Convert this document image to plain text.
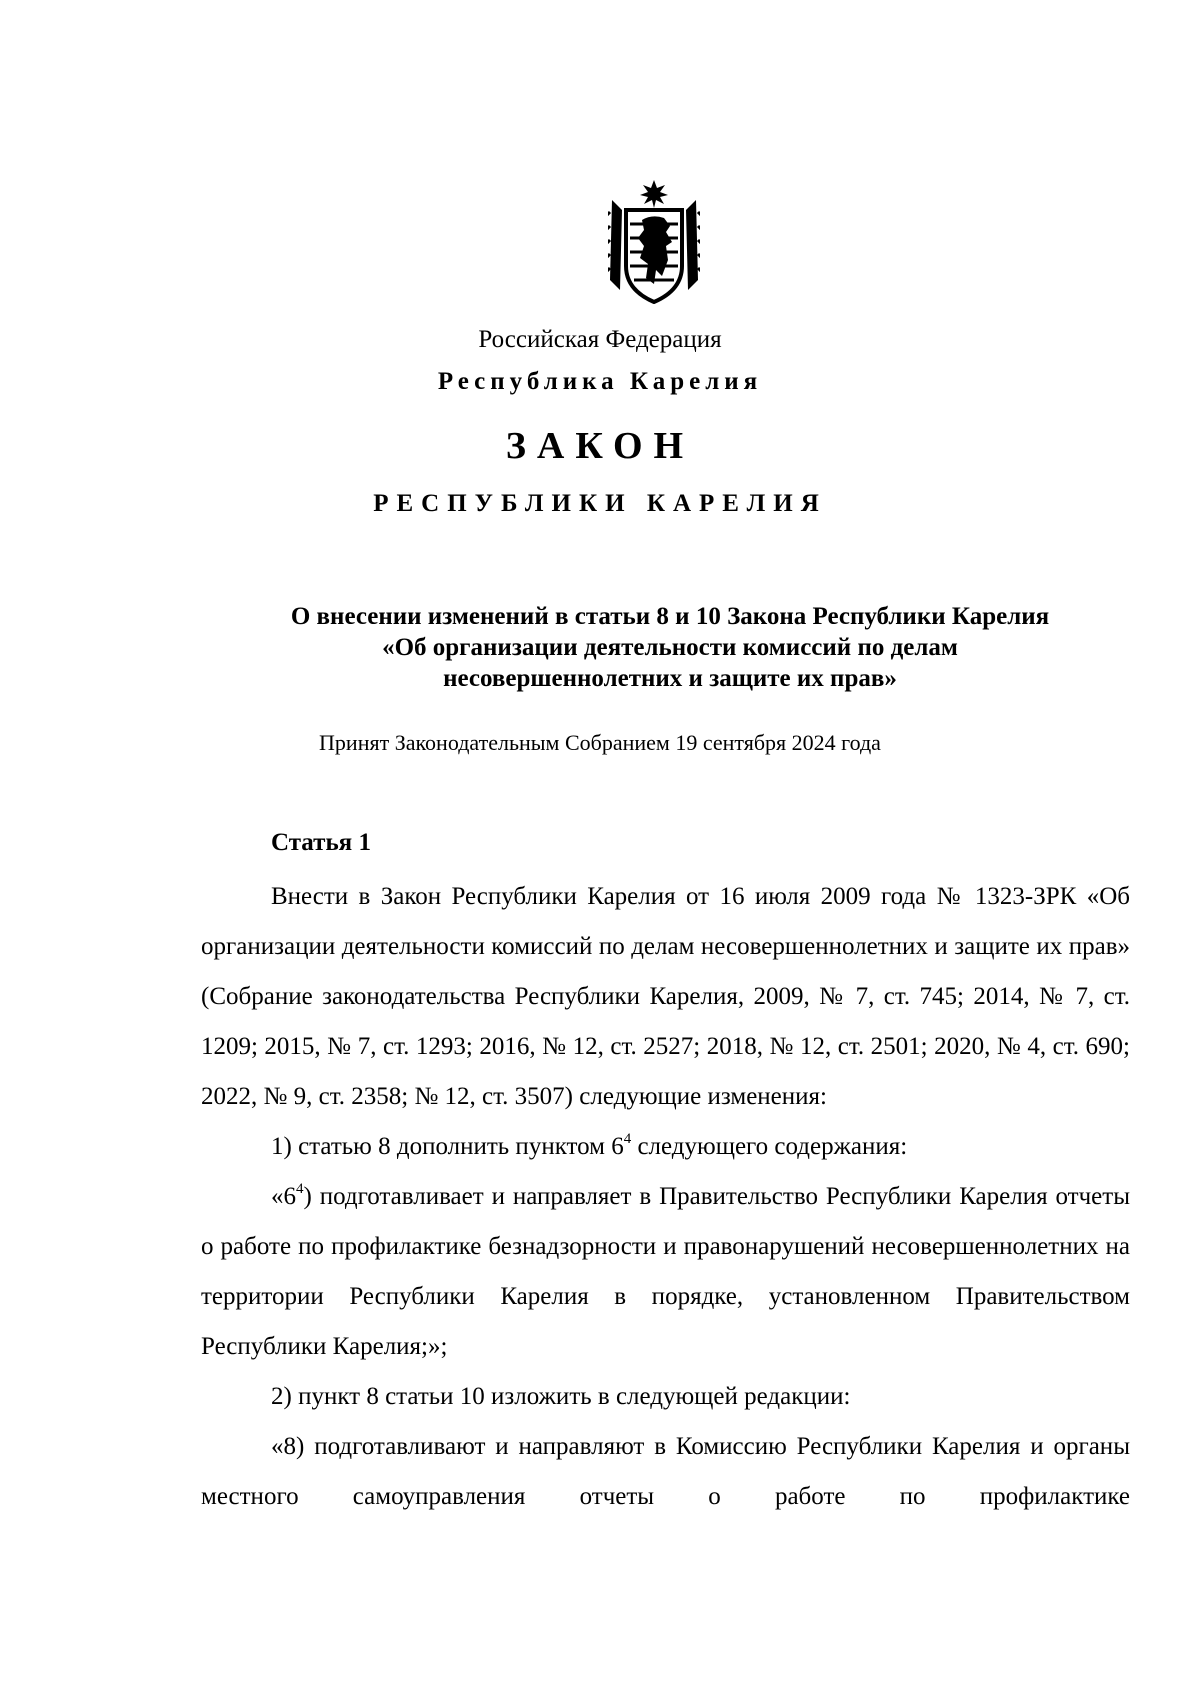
Российская Федерация
Республика Карелия
ЗАКОН
РЕСПУБЛИКИ КАРЕЛИЯ
О внесении изменений в статьи 8 и 10 Закона Республики Карелия
«Об организации деятельности комиссий по делам
несовершеннолетних и защите их прав»
Принят Законодательным Собранием 19 сентября 2024 года
Статья 1

Внести в Закон Республики Карелия от 16 июля 2009 года № 1323-ЗРК «Об организации деятельности комиссий по делам несовершеннолетних и защите их прав» (Собрание законодательства Республики Карелия, 2009, № 7, ст. 745; 2014, № 7, ст. 1209; 2015, № 7, ст. 1293; 2016, № 12, ст. 2527; 2018, № 12, ст. 2501; 2020, № 4, ст. 690; 2022, № 9, ст. 2358; № 12, ст. 3507) следующие изменения:

1) статью 8 дополнить пунктом $6^4$ следующего содержания:

«$6^4$) подготавливает и направляет в Правительство Республики Карелия отчеты о работе по профилактике безнадзорности и правонарушений несовершеннолетних на территории Республики Карелия в порядке, установленном Правительством Республики Карелия;»;

2) пункт 8 статьи 10 изложить в следующей редакции:

«8) подготавливают и направляют в Комиссию Республики Карелия и органы местного самоуправления отчеты о работе по профилактике
